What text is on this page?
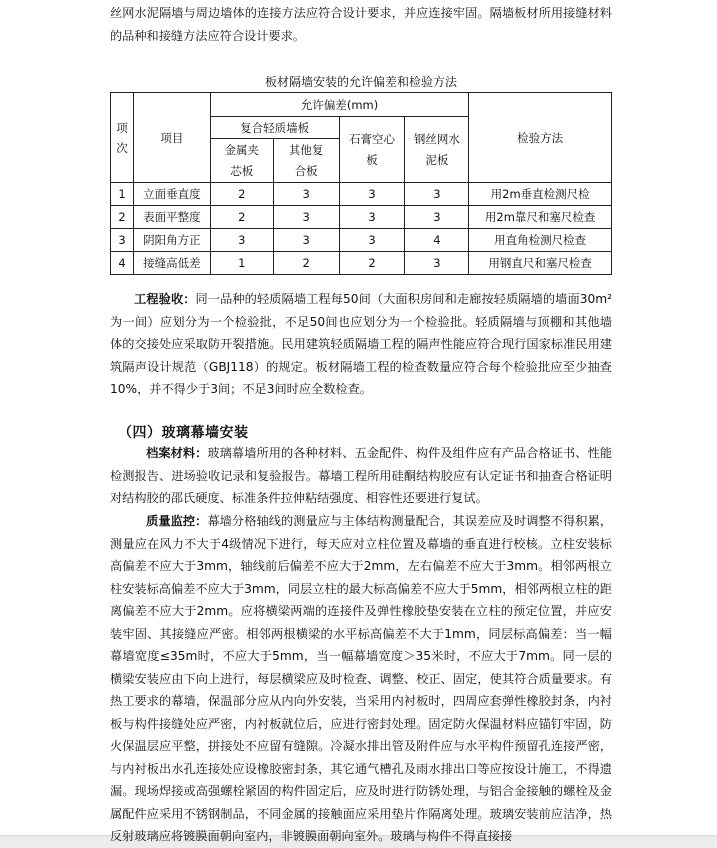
丝网水泥隔墙与周边墙体的连接方法应符合设计要求，并应连接牢固。隔墙板材所用接缝材料的品种和接缝方法应符合设计要求。

板材隔墙安装的允许偏差和检验方法
项次	项目	允许偏差(mm)				检验方法
		复合轻质墙板		石膏空心板	钢丝网水泥板	
		金属夹芯板	其他复合板			
1	立面垂直度	2	3	3	3	用2m垂直检测尺检
2	表面平整度	2	3	3	3	用2m靠尺和塞尺检查
3	阴阳角方正	3	3	3	4	用直角检测尺检查
4	接缝高低差	1	2	2	3	用钢直尺和塞尺检查

工程验收：同一品种的轻质隔墙工程每50间（大面积房间和走廊按轻质隔墙的墙面30m²为一间）应划分为一个检验批，不足50间也应划分为一个检验批。轻质隔墙与顶棚和其他墙体的交接处应采取防开裂措施。民用建筑轻质隔墙工程的隔声性能应符合现行国家标准民用建筑隔声设计规范（GBJ118）的规定。板材隔墙工程的检查数量应符合每个检验批应至少抽查10%，并不得少于3间；不足3间时应全数检查。

（四）玻璃幕墙安装

档案材料：玻璃幕墙所用的各种材料、五金配件、构件及组件应有产品合格证书、性能检测报告、进场验收记录和复验报告。幕墙工程所用硅酮结构胶应有认定证书和抽查合格证明对结构胶的邵氏硬度、标准条件拉伸粘结强度、相容性还要进行复试。

质量监控：幕墙分格轴线的测量应与主体结构测量配合，其误差应及时调整不得积累，测量应在风力不大于4级情况下进行，每天应对立柱位置及幕墙的垂直进行校核。立柱安装标高偏差不应大于3mm，轴线前后偏差不应大于2mm，左右偏差不应大于3mm。相邻两根立柱安装标高偏差不应大于3mm，同层立柱的最大标高偏差不应大于5mm，相邻两根立柱的距离偏差不应大于2mm。应将横梁两端的连接件及弹性橡胶垫安装在立柱的预定位置，并应安装牢固、其接缝应严密。相邻两根横梁的水平标高偏差不大于1mm，同层标高偏差：当一幅幕墙宽度≤35m时，不应大于5mm，当一幅幕墙宽度＞35米时，不应大于7mm。同一层的横梁安装应由下向上进行，每层横梁应及时检查、调整、校正、固定，使其符合质量要求。有热工要求的幕墙，保温部分应从内向外安装，当采用内衬板时，四周应套弹性橡胶封条，内衬板与构件接缝处应严密，内衬板就位后，应进行密封处理。固定防火保温材料应锚钉牢固，防火保温层应平整，拼接处不应留有缝隙。冷凝水排出管及附件应与水平构件预留孔连接严密，与内衬板出水孔连接处应设橡胶密封条，其它通气槽孔及雨水排出口等应按设计施工，不得遗漏。现场焊接或高强螺栓紧固的构件固定后，应及时进行防锈处理，与铝合金接触的螺栓及金属配件应采用不锈钢制品，不同金属的接触面应采用垫片作隔离处理。玻璃安装前应洁净，热反射玻璃应将镀膜面朝向室内，非镀膜面朝向室外。玻璃与构件不得直接接
